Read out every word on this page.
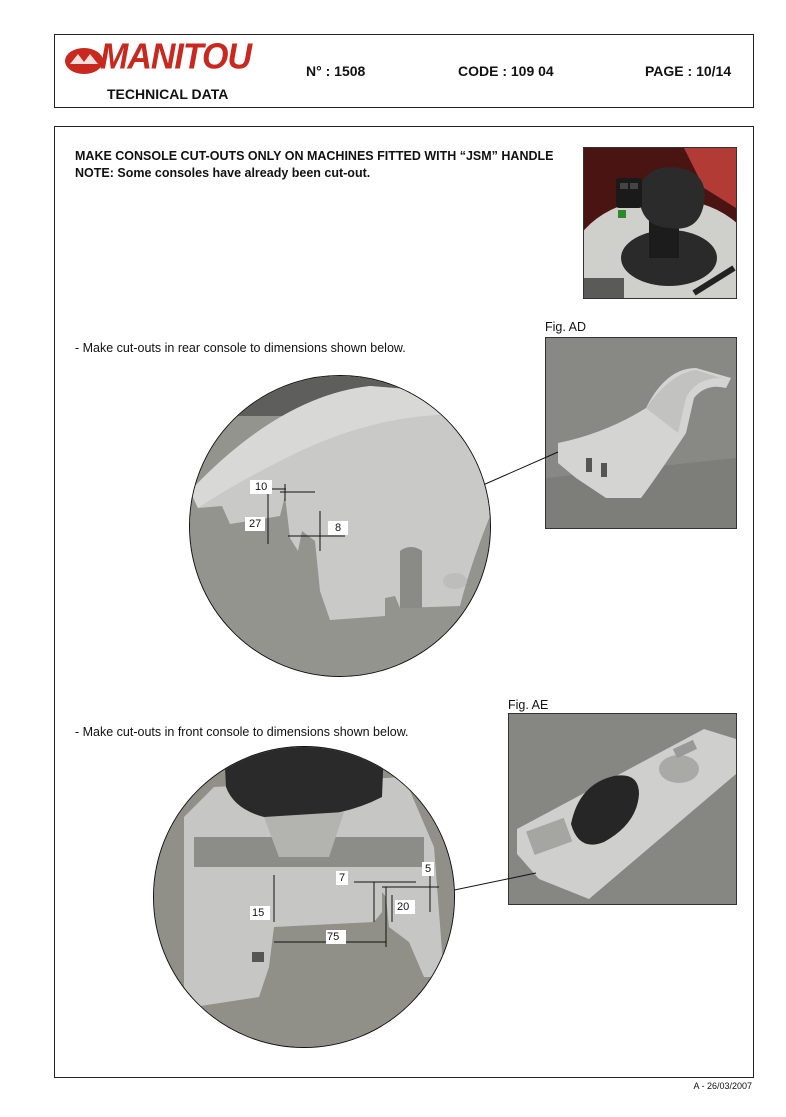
MANITOU
TECHNICAL DATA
N° : 1508	CODE : 109 04	PAGE : 10/14
MAKE CONSOLE CUT-OUTS ONLY ON MACHINES FITTED WITH “JSM” HANDLE
NOTE: Some consoles have already been cut-out.
- Make cut-outs in rear console to dimensions shown below.
Fig. AD
10
27	8
- Make cut-outs in front console to dimensions shown below.
Fig. AE
7
5
15	20
75
A - 26/03/2007
